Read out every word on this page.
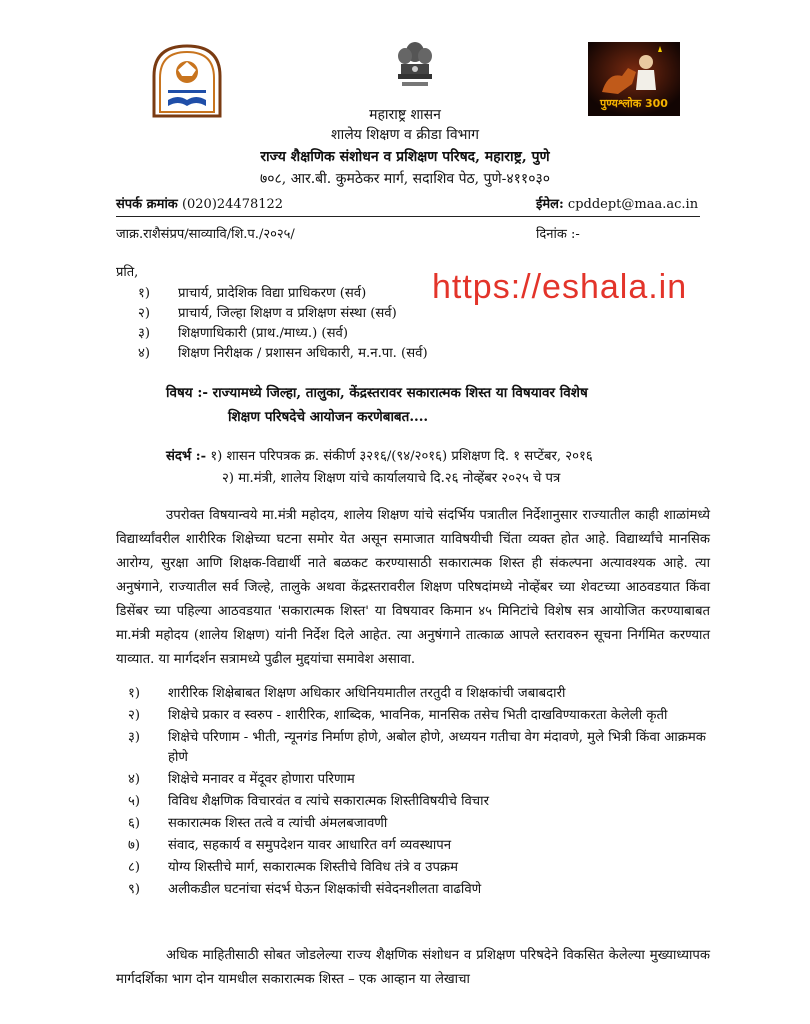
पुण्यश्लोक 300
महाराष्ट्र शासन
शालेय शिक्षण व क्रीडा विभाग
राज्य शैक्षणिक संशोधन व प्रशिक्षण परिषद, महाराष्ट्र, पुणे
७०८, आर.बी. कुमठेकर मार्ग, सदाशिव पेठ, पुणे-४११०३०
संपर्क क्रमांक (020)24478122	ईमेल: cpddept@maa.ac.in
जाक्र.राशैसंप्रप/साव्यावि/शि.प./२०२५/	दिनांक :-
प्रति,
१) प्राचार्य, प्रादेशिक विद्या प्राधिकरण (सर्व)
२) प्राचार्य, जिल्हा शिक्षण व प्रशिक्षण संस्था (सर्व)
३) शिक्षणाधिकारी (प्राथ./माध्य.) (सर्व)
४) शिक्षण निरीक्षक / प्रशासन अधिकारी, म.न.पा. (सर्व)
https://eshala.in
विषय :- राज्यामध्ये जिल्हा, तालुका, केंद्रस्तरावर सकारात्मक शिस्त या विषयावर विशेष
शिक्षण परिषदेचे आयोजन करणेबाबत....
संदर्भ :- १) शासन परिपत्रक क्र. संकीर्ण ३२१६/(९४/२०१६) प्रशिक्षण दि. १ सप्टेंबर, २०१६
२) मा.मंत्री, शालेय शिक्षण यांचे कार्यालयाचे दि.२६ नोव्हेंबर २०२५ चे पत्र
उपरोक्त विषयान्वये मा.मंत्री महोदय, शालेय शिक्षण यांचे संदर्भिय पत्रातील निर्देशानुसार राज्यातील काही शाळांमध्ये विद्यार्थ्यांवरील शारीरिक शिक्षेच्या घटना समोर येत असून समाजात याविषयीची चिंता व्यक्त होत आहे. विद्यार्थ्यांचे मानसिक आरोग्य, सुरक्षा आणि शिक्षक-विद्यार्थी नाते बळकट करण्यासाठी सकारात्मक शिस्त ही संकल्पना अत्यावश्यक आहे. त्या अनुषंगाने, राज्यातील सर्व जिल्हे, तालुके अथवा केंद्रस्तरावरील शिक्षण परिषदांमध्ये नोव्हेंबर च्या शेवटच्या आठवडयात किंवा डिसेंबर च्या पहिल्या आठवडयात 'सकारात्मक शिस्त' या विषयावर किमान ४५ मिनिटांचे विशेष सत्र आयोजित करण्याबाबत मा.मंत्री महोदय (शालेय शिक्षण) यांनी निर्देश दिले आहेत. त्या अनुषंगाने तात्काळ आपले स्तरावरुन सूचना निर्गमित करण्यात याव्यात. या मार्गदर्शन सत्रामध्ये पुढील मुद्दयांचा समावेश असावा.
१) शारीरिक शिक्षेबाबत शिक्षण अधिकार अधिनियमातील तरतुदी व शिक्षकांची जबाबदारी
२)	शिक्षेचे प्रकार व स्वरुप - शारीरिक, शाब्दिक, भावनिक, मानसिक तसेच भिती दाखविण्याकरता केलेली कृती
३)	शिक्षेचे परिणाम - भीती, न्यूनगंड निर्माण होणे, अबोल होणे, अध्ययन गतीचा वेग मंदावणे, मुले भित्री किंवा आक्रमक होणे
४) शिक्षेचे मनावर व मेंदूवर होणारा परिणाम
५) विविध शैक्षणिक विचारवंत व त्यांचे सकारात्मक शिस्तीविषयीचे विचार
६) सकारात्मक शिस्त तत्वे व त्यांची अंमलबजावणी
७) संवाद, सहकार्य व समुपदेशन यावर आधारित वर्ग व्यवस्थापन
८) योग्य शिस्तीचे मार्ग, सकारात्मक शिस्तीचे विविध तंत्रे व उपक्रम
९) अलीकडील घटनांचा संदर्भ घेऊन शिक्षकांची संवेदनशीलता वाढविणे
अधिक माहितीसाठी सोबत जोडलेल्या राज्य शैक्षणिक संशोधन व प्रशिक्षण परिषदेने विकसित केलेल्या मुख्याध्यापक मार्गदर्शिका भाग दोन यामधील सकारात्मक शिस्त – एक आव्हान या लेखाचा
